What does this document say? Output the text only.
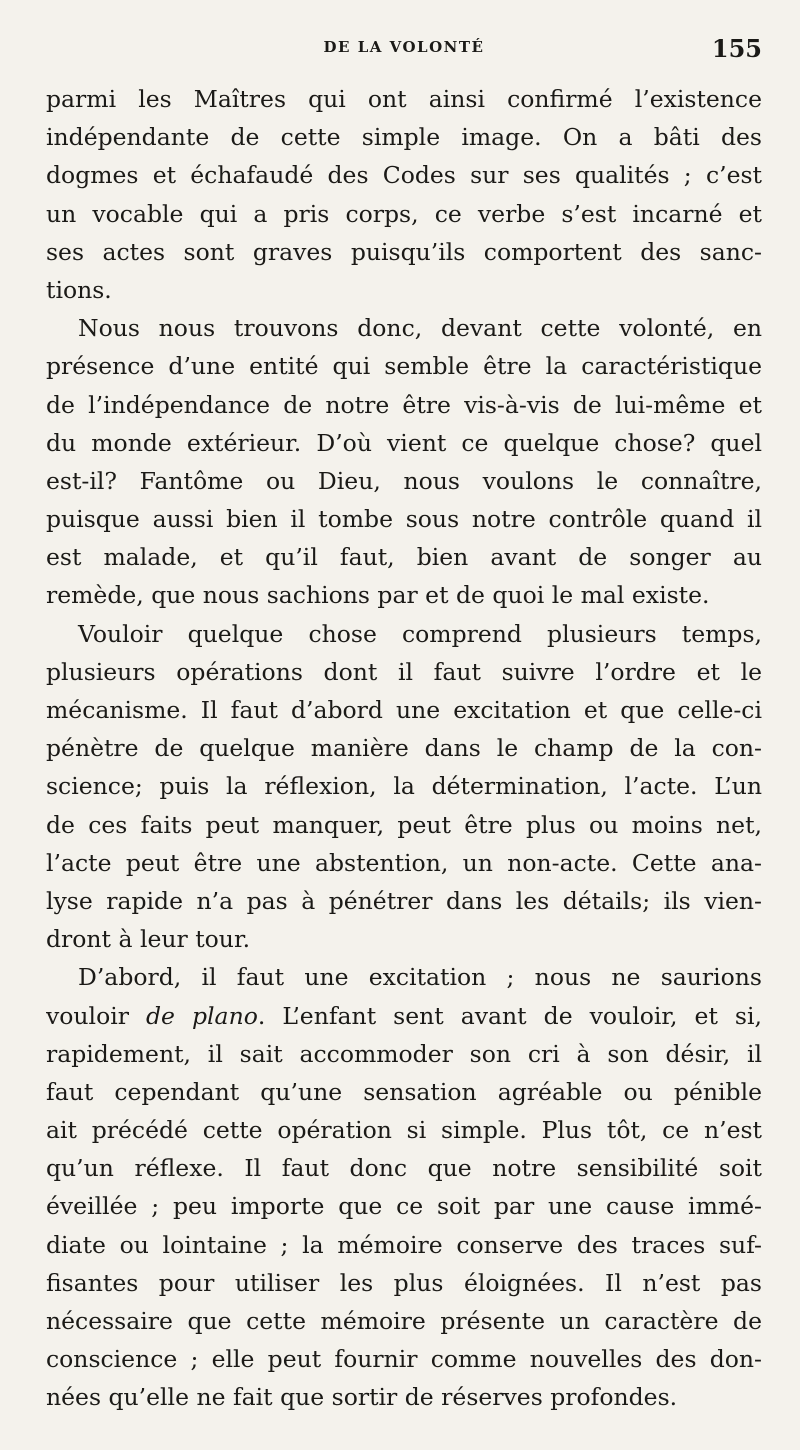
DE LA VOLONTÉ	155
parmi les Maîtres qui ont ainsi confirmé l’existence
indépendante de cette simple image. On a bâti des
dogmes et échafaudé des Codes sur ses qualités ; c’est
un vocable qui a pris corps, ce verbe s’est incarné et
ses actes sont graves puisqu’ils comportent des sanc-
tions.
Nous nous trouvons donc, devant cette volonté, en
présence d’une entité qui semble être la caractéristique
de l’indépendance de notre être vis-à-vis de lui-même et
du monde extérieur. D’où vient ce quelque chose? quel
est-il? Fantôme ou Dieu, nous voulons le connaître,
puisque aussi bien il tombe sous notre contrôle quand il
est malade, et qu’il faut, bien avant de songer au
remède, que nous sachions par et de quoi le mal existe.
Vouloir quelque chose comprend plusieurs temps,
plusieurs opérations dont il faut suivre l’ordre et le
mécanisme. Il faut d’abord une excitation et que celle-ci
pénètre de quelque manière dans le champ de la con-
science; puis la réflexion, la détermination, l’acte. L’un
de ces faits peut manquer, peut être plus ou moins net,
l’acte peut être une abstention, un non-acte. Cette ana-
lyse rapide n’a pas à pénétrer dans les détails; ils vien-
dront à leur tour.
D’abord, il faut une excitation ; nous ne saurions
vouloir de plano. L’enfant sent avant de vouloir, et si,
rapidement, il sait accommoder son cri à son désir, il
faut cependant qu’une sensation agréable ou pénible
ait précédé cette opération si simple. Plus tôt, ce n’est
qu’un réflexe. Il faut donc que notre sensibilité soit
éveillée ; peu importe que ce soit par une cause immé-
diate ou lointaine ; la mémoire conserve des traces suf-
fisantes pour utiliser les plus éloignées. Il n’est pas
nécessaire que cette mémoire présente un caractère de
conscience ; elle peut fournir comme nouvelles des don-
nées qu’elle ne fait que sortir de réserves profondes.
